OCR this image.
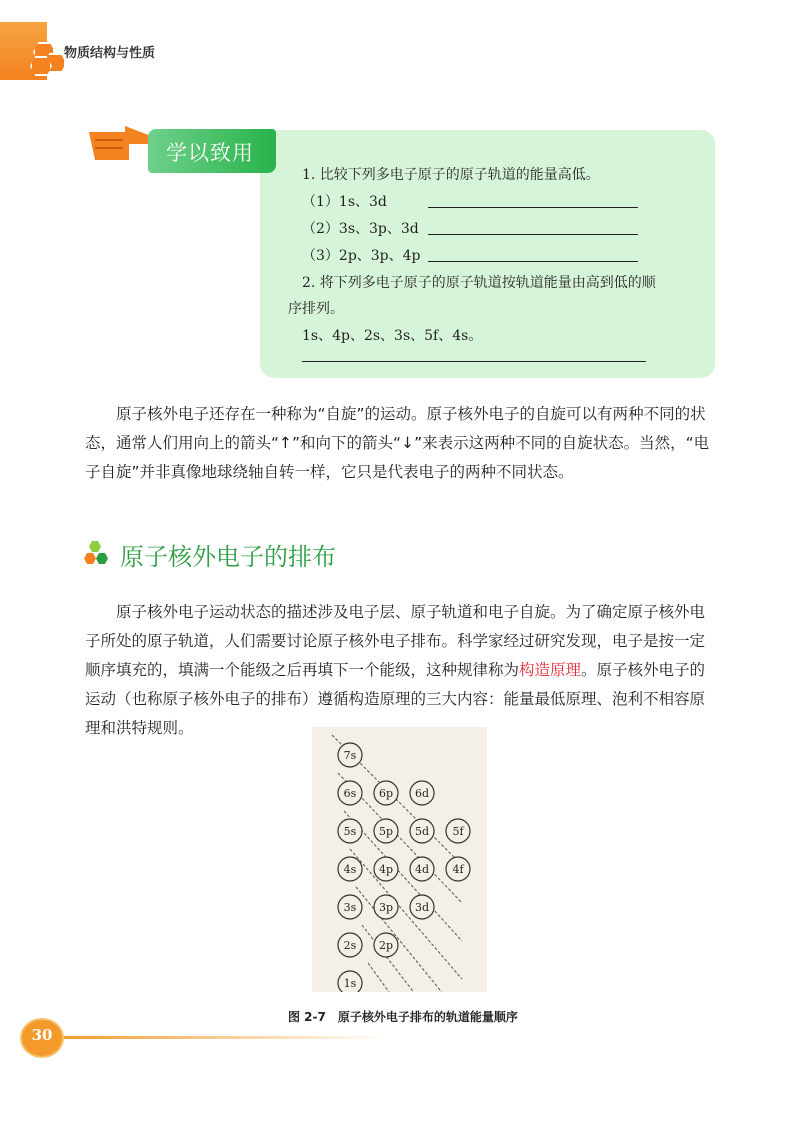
物质结构与性质
学以致用
1. 比较下列多电子原子的原子轨道的能量高低。
（1）1s、3d
（2）3s、3p、3d
（3）2p、3p、4p
2. 将下列多电子原子的原子轨道按轨道能量由高到低的顺
序排列。
1s、4p、2s、3s、5f、4s。

原子核外电子还存在一种称为“自旋”的运动。原子核外电子的自旋可以有两种不同的状态，通常人们用向上的箭头“↑”和向下的箭头“↓”来表示这两种不同的自旋状态。当然，“电子自旋”并非真像地球绕轴自转一样，它只是代表电子的两种不同状态。

原子核外电子的排布

原子核外电子运动状态的描述涉及电子层、原子轨道和电子自旋。为了确定原子核外电子所处的原子轨道，人们需要讨论原子核外电子排布。科学家经过研究发现，电子是按一定顺序填充的，填满一个能级之后再填下一个能级，这种规律称为构造原理。原子核外电子的运动（也称原子核外电子的排布）遵循构造原理的三大内容：能量最低原理、泡利不相容原理和洪特规则。

7s
6s 6p 6d
5s 5p 5d 5f
4s 4p 4d 4f
3s 3p 3d
2s 2p
1s
图 2-7　原子核外电子排布的轨道能量顺序
30
